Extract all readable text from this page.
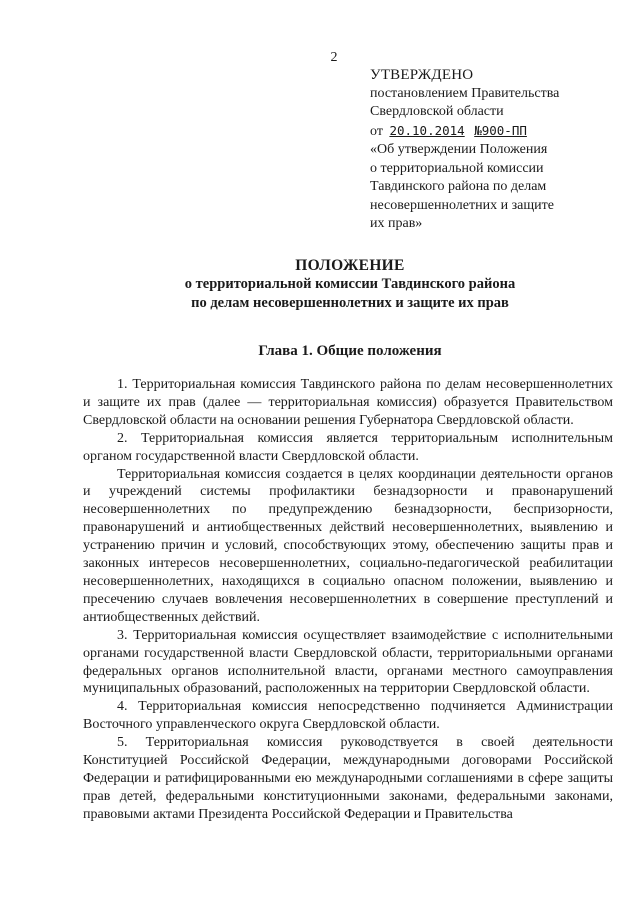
2
УТВЕРЖДЕНО
постановлением Правительства
Свердловской области
от 20.10.2014 №900-ПП
«Об утверждении Положения
о территориальной комиссии
Тавдинского района по делам
несовершеннолетних и защите
их прав»
ПОЛОЖЕНИЕ
о территориальной комиссии Тавдинского района
по делам несовершеннолетних и защите их прав
Глава 1. Общие положения

1. Территориальная комиссия Тавдинского района по делам несовершеннолетних и защите их прав (далее — территориальная комиссия) образуется Правительством Свердловской области на основании решения Губернатора Свердловской области.

2. Территориальная комиссия является территориальным исполнительным органом государственной власти Свердловской области.

Территориальная комиссия создается в целях координации деятельности органов и учреждений системы профилактики безнадзорности и правонарушений несовершеннолетних по предупреждению безнадзорности, беспризорности, правонарушений и антиобщественных действий несовершеннолетних, выявлению и устранению причин и условий, способствующих этому, обеспечению защиты прав и законных интересов несовершеннолетних, социально-педагогической реабилитации несовершеннолетних, находящихся в социально опасном положении, выявлению и пресечению случаев вовлечения несовершеннолетних в совершение преступлений и антиобщественных действий.

3. Территориальная комиссия осуществляет взаимодействие с исполнительными органами государственной власти Свердловской области, территориальными органами федеральных органов исполнительной власти, органами местного самоуправления муниципальных образований, расположенных на территории Свердловской области.

4. Территориальная комиссия непосредственно подчиняется Администрации Восточного управленческого округа Свердловской области.

5. Территориальная комиссия руководствуется в своей деятельности Конституцией Российской Федерации, международными договорами Российской Федерации и ратифицированными ею международными соглашениями в сфере защиты прав детей, федеральными конституционными законами, федеральными законами, правовыми актами Президента Российской Федерации и Правительства
